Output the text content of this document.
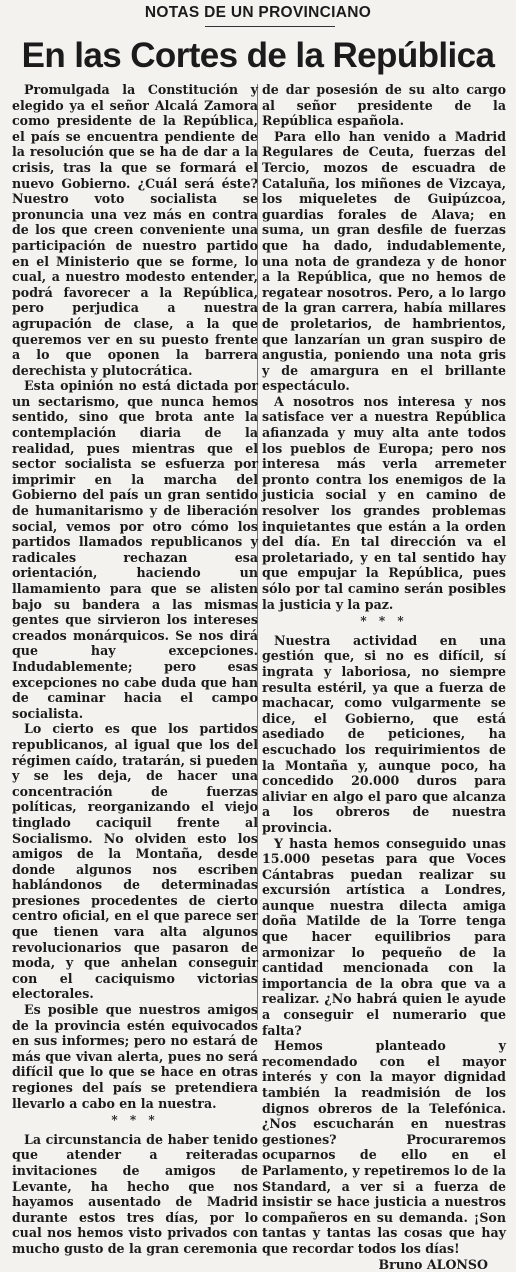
NOTAS DE UN PROVINCIANO
En las Cortes de la República

Promulgada la Constitución y elegido ya el señor Alcalá Zamora como presidente de la República, el país se encuentra pendiente de la resolución que se ha de dar a la crisis, tras la que se formará el nuevo Gobierno. ¿Cuál será éste? Nuestro voto socialista se pronuncia una vez más en contra de los que creen conveniente una participación de nuestro partido en el Ministerio que se forme, lo cual, a nuestro modesto entender, podrá favorecer a la República, pero perjudica a nuestra agrupación de clase, a la que queremos ver en su puesto frente a lo que oponen la barrera derechista y plutocrática.

Esta opinión no está dictada por un sectarismo, que nunca hemos sentido, sino que brota ante la contemplación diaria de la realidad, pues mientras que el sector socialista se esfuerza por imprimir en la marcha del Gobierno del país un gran sentido de humanitarismo y de liberación social, vemos por otro cómo los partidos llamados republicanos y radicales rechazan esa orientación, haciendo un llamamiento para que se alisten bajo su bandera a las mismas gentes que sirvieron los intereses creados monárquicos. Se nos dirá que hay excepciones. Indudablemente; pero esas excepciones no cabe duda que han de caminar hacia el campo socialista.

Lo cierto es que los partidos republicanos, al igual que los del régimen caído, tratarán, si pueden y se les deja, de hacer una concentración de fuerzas políticas, reorganizando el viejo tinglado caciquil frente al Socialismo. No olviden esto los amigos de la Montaña, desde donde algunos nos escriben hablándonos de determinadas presiones procedentes de cierto centro oficial, en el que parece ser que tienen vara alta algunos revolucionarios que pasaron de moda, y que anhelan conseguir con el caciquismo victorias electorales.

Es posible que nuestros amigos de la provincia estén equivocados en sus informes; pero no estará de más que vivan alerta, pues no será difícil que lo que se hace en otras regiones del país se pretendiera llevarlo a cabo en la nuestra.

* * *

La circunstancia de haber tenido que atender a reiteradas invitaciones de amigos de Levante, ha hecho que nos hayamos ausentado de Madrid durante estos tres días, por lo cual nos hemos visto privados con mucho gusto de la gran ceremonia

de dar posesión de su alto cargo al señor presidente de la República española.

Para ello han venido a Madrid Regulares de Ceuta, fuerzas del Tercio, mozos de escuadra de Cataluña, los miñones de Vizcaya, los miqueletes de Guipúzcoa, guardias forales de Alava; en suma, un gran desfile de fuerzas que ha dado, indudablemente, una nota de grandeza y de honor a la República, que no hemos de regatear nosotros. Pero, a lo largo de la gran carrera, había millares de proletarios, de hambrientos, que lanzarían un gran suspiro de angustia, poniendo una nota gris y de amargura en el brillante espectáculo.

A nosotros nos interesa y nos satisface ver a nuestra República afianzada y muy alta ante todos los pueblos de Europa; pero nos interesa más verla arremeter pronto contra los enemigos de la justicia social y en camino de resolver los grandes problemas inquietantes que están a la orden del día. En tal dirección va el proletariado, y en tal sentido hay que empujar la República, pues sólo por tal camino serán posibles la justicia y la paz.

* * *

Nuestra actividad en una gestión que, si no es difícil, sí ingrata y laboriosa, no siempre resulta estéril, ya que a fuerza de machacar, como vulgarmente se dice, el Gobierno, que está asediado de peticiones, ha escuchado los requirimientos de la Montaña y, aunque poco, ha concedido 20.000 duros para aliviar en algo el paro que alcanza a los obreros de nuestra provincia.

Y hasta hemos conseguido unas 15.000 pesetas para que Voces Cántabras puedan realizar su excursión artística a Londres, aunque nuestra dilecta amiga doña Matilde de la Torre tenga que hacer equilibrios para armonizar lo pequeño de la cantidad mencionada con la importancia de la obra que va a realizar. ¿No habrá quien le ayude a conseguir el numerario que falta?

Hemos planteado y recomendado con el mayor interés y con la mayor dignidad también la readmisión de los dignos obreros de la Telefónica. ¿Nos escucharán en nuestras gestiones? Procuraremos ocuparnos de ello en el Parlamento, y repetiremos lo de la Standard, a ver si a fuerza de insistir se hace justicia a nuestros compañeros en su demanda. ¡Son tantas y tantas las cosas que hay que recordar todos los días!

Bruno ALONSO
